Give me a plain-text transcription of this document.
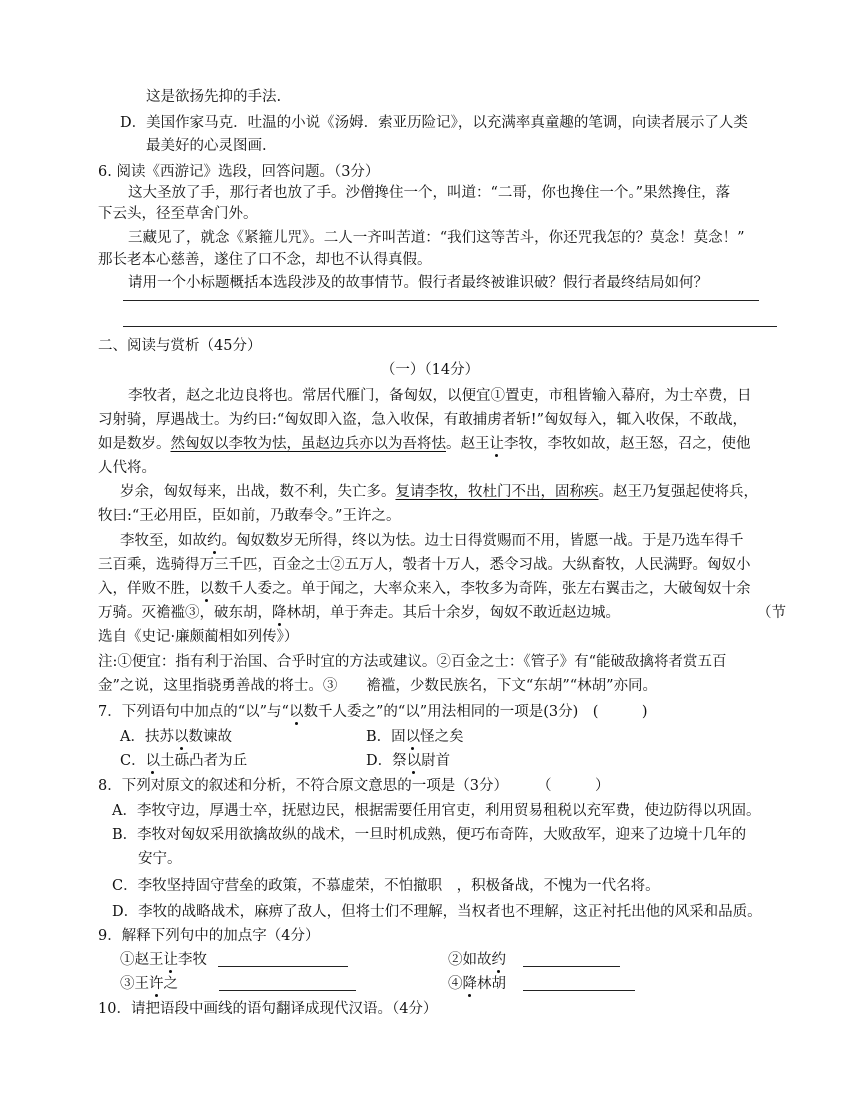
这是欲扬先抑的手法.
D．美国作家马克．吐温的小说《汤姆．索亚历险记》，以充满率真童趣的笔调，向读者展示了人类
最美好的心灵图画.
6. 阅读《西游记》选段，回答问题。（3分）
这大圣放了手，那行者也放了手。沙僧搀住一个，叫道：“二哥，你也搀住一个。”果然搀住，落
下云头，径至草舍门外。
三藏见了，就念《紧箍儿咒》。二人一齐叫苦道：“我们这等苦斗，你还咒我怎的？莫念！莫念！”
那长老本心慈善，遂住了口不念，却也不认得真假。
请用一个小标题概括本选段涉及的故事情节。假行者最终被谁识破？假行者最终结局如何？
二、阅读与赏析（45分）
（一）（14分）
李牧者，赵之北边良将也。常居代雁门，备匈奴，以便宜①置吏，市租皆输入幕府，为士卒费，日
习射骑，厚遇战士。为约曰:“匈奴即入盗，急入收保，有敢捕虏者斩!”匈奴每入，辄入收保，不敢战，
如是数岁。然匈奴以李牧为怯，虽赵边兵亦以为吾将怯。赵王让李牧，李牧如故，赵王怒，召之，使他
人代将。
岁余，匈奴每来，出战，数不利，失亡多。复请李牧，牧杜门不出，固称疾。赵王乃复强起使将兵，
牧曰:“王必用臣，臣如前，乃敢奉令。”王许之。
李牧至，如故约。匈奴数岁无所得，终以为怯。边士日得赏赐而不用，皆愿一战。于是乃选车得千
三百乘，选骑得万三千匹，百金之士②五万人，彀者十万人，悉令习战。大纵畜牧，人民满野。匈奴小
入，佯败不胜，以数千人委之。单于闻之，大率众来入，李牧多为奇阵，张左右翼击之，大破匈奴十余
万骑。灭襜褴③，破东胡，降林胡，单于奔走。其后十余岁，匈奴不敢近赵边城。	（节
选自《史记·廉颇蔺相如列传》）
注:①便宜：指有利于治国、合乎时宜的方法或建议。②百金之士：《管子》有“能破敌擒将者赏五百
金”之说，这里指骁勇善战的将士。③　　襜褴，少数民族名，下文“东胡”“林胡”亦同。
7．下列语句中加点的“以”与“以数千人委之”的“以”用法相同的一项是(3分)　(　　　)
A．扶苏以数谏故	B．固以怪之矣
C．以土砾凸者为丘	D．祭以尉首
8．下列对原文的叙述和分析，不符合原文意思的一项是（3分）　　　（　　　）
A．李牧守边，厚遇士卒，抚慰边民，根据需要任用官吏，利用贸易租税以充军费，使边防得以巩固。
B．李牧对匈奴采用欲擒故纵的战术，一旦时机成熟，便巧布奇阵，大败敌军，迎来了边境十几年的
安宁。
C．李牧坚持固守营垒的政策，不慕虚荣，不怕撤职　，积极备战，不愧为一代名将。
D．李牧的战略战术，麻痹了敌人，但将士们不理解，当权者也不理解，这正衬托出他的风采和品质。
9．解释下列句中的加点字（4分）
①赵王让李牧	②如故约
③王许之	④降林胡
10．请把语段中画线的语句翻译成现代汉语。（4分）
